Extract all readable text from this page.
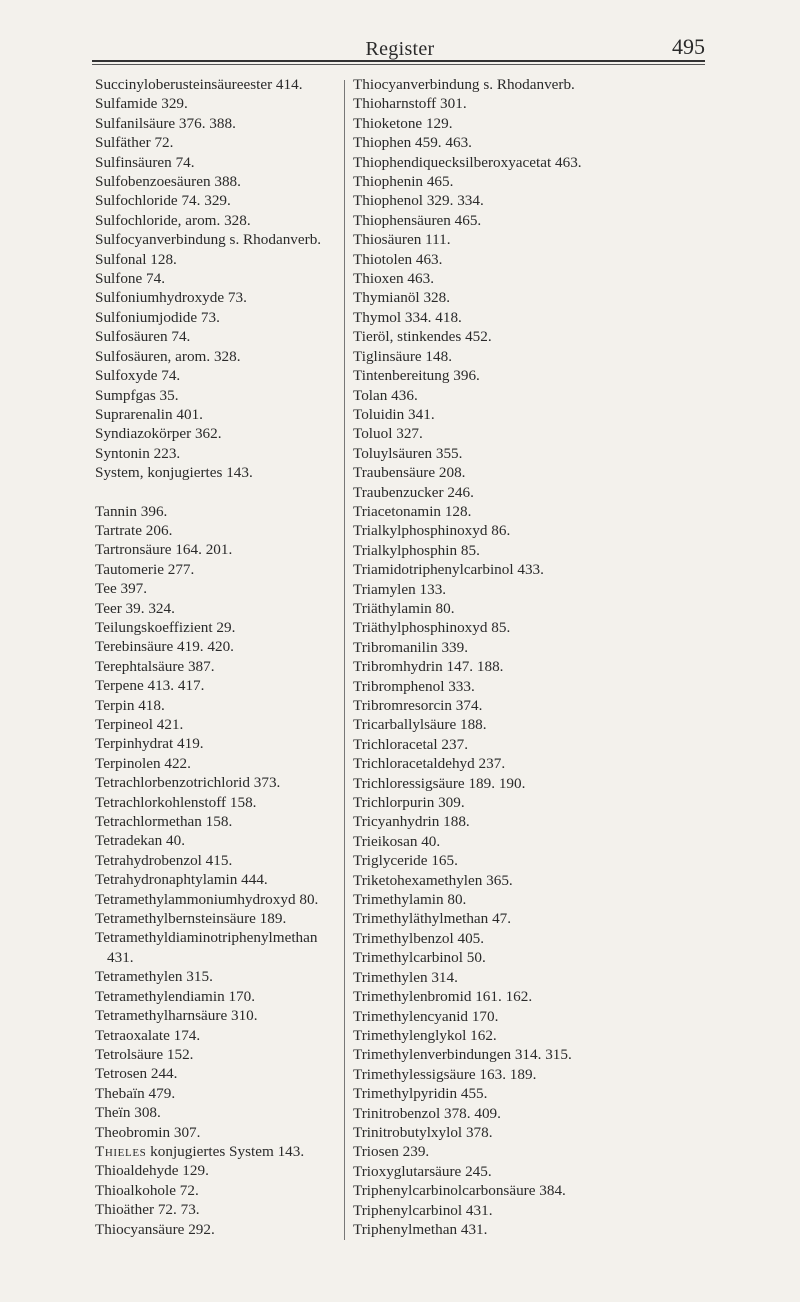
Register	495
Succinyloberusteinsäureester 414.
Sulfamide 329.
Sulfanilsäure 376. 388.
Sulfäther 72.
Sulfinsäuren 74.
Sulfobenzoesäuren 388.
Sulfochloride 74. 329.
Sulfochloride, arom. 328.
Sulfocyanverbindung s. Rhodanverb.
Sulfonal 128.
Sulfone 74.
Sulfoniumhydroxyde 73.
Sulfoniumjodide 73.
Sulfosäuren 74.
Sulfosäuren, arom. 328.
Sulfoxyde 74.
Sumpfgas 35.
Suprarenalin 401.
Syndiazokörper 362.
Syntonin 223.
System, konjugiertes 143.
Tannin 396.
Tartrate 206.
Tartronsäure 164. 201.
Tautomerie 277.
Tee 397.
Teer 39. 324.
Teilungskoeffizient 29.
Terebinsäure 419. 420.
Terephtalsäure 387.
Terpene 413. 417.
Terpin 418.
Terpineol 421.
Terpinhydrat 419.
Terpinolen 422.
Tetrachlorbenzotrichlorid 373.
Tetrachlorkohlenstoff 158.
Tetrachlormethan 158.
Tetradekan 40.
Tetrahydrobenzol 415.
Tetrahydronaphtylamin 444.
Tetramethylammoniumhydroxyd 80.
Tetramethylbernsteinsäure 189.
Tetramethyldiaminotriphenylmethan
431.
Tetramethylen 315.
Tetramethylendiamin 170.
Tetramethylharnsäure 310.
Tetraoxalate 174.
Tetrolsäure 152.
Tetrosen 244.
Thebaïn 479.
Theïn 308.
Theobromin 307.
Thieles konjugiertes System 143.
Thioaldehyde 129.
Thioalkohole 72.
Thioäther 72. 73.
Thiocyansäure 292.
Thiocyanverbindung s. Rhodanverb.
Thioharnstoff 301.
Thioketone 129.
Thiophen 459. 463.
Thiophendiquecksilberoxyacetat 463.
Thiophenin 465.
Thiophenol 329. 334.
Thiophensäuren 465.
Thiosäuren 111.
Thiotolen 463.
Thioxen 463.
Thymianöl 328.
Thymol 334. 418.
Tieröl, stinkendes 452.
Tiglinsäure 148.
Tintenbereitung 396.
Tolan 436.
Toluidin 341.
Toluol 327.
Toluylsäuren 355.
Traubensäure 208.
Traubenzucker 246.
Triacetonamin 128.
Trialkylphosphinoxyd 86.
Trialkylphosphin 85.
Triamidotriphenylcarbinol 433.
Triamylen 133.
Triäthylamin 80.
Triäthylphosphinoxyd 85.
Tribromanilin 339.
Tribromhydrin 147. 188.
Tribromphenol 333.
Tribromresorcin 374.
Tricarballylsäure 188.
Trichloracetal 237.
Trichloracetaldehyd 237.
Trichloressigsäure 189. 190.
Trichlorpurin 309.
Tricyanhydrin 188.
Trieikosan 40.
Triglyceride 165.
Triketohexamethylen 365.
Trimethylamin 80.
Trimethyläthylmethan 47.
Trimethylbenzol 405.
Trimethylcarbinol 50.
Trimethylen 314.
Trimethylenbromid 161. 162.
Trimethylencyanid 170.
Trimethylenglykol 162.
Trimethylenverbindungen 314. 315.
Trimethylessigsäure 163. 189.
Trimethylpyridin 455.
Trinitrobenzol 378. 409.
Trinitrobutylxylol 378.
Triosen 239.
Trioxyglutarsäure 245.
Triphenylcarbinolcarbonsäure 384.
Triphenylcarbinol 431.
Triphenylmethan 431.
